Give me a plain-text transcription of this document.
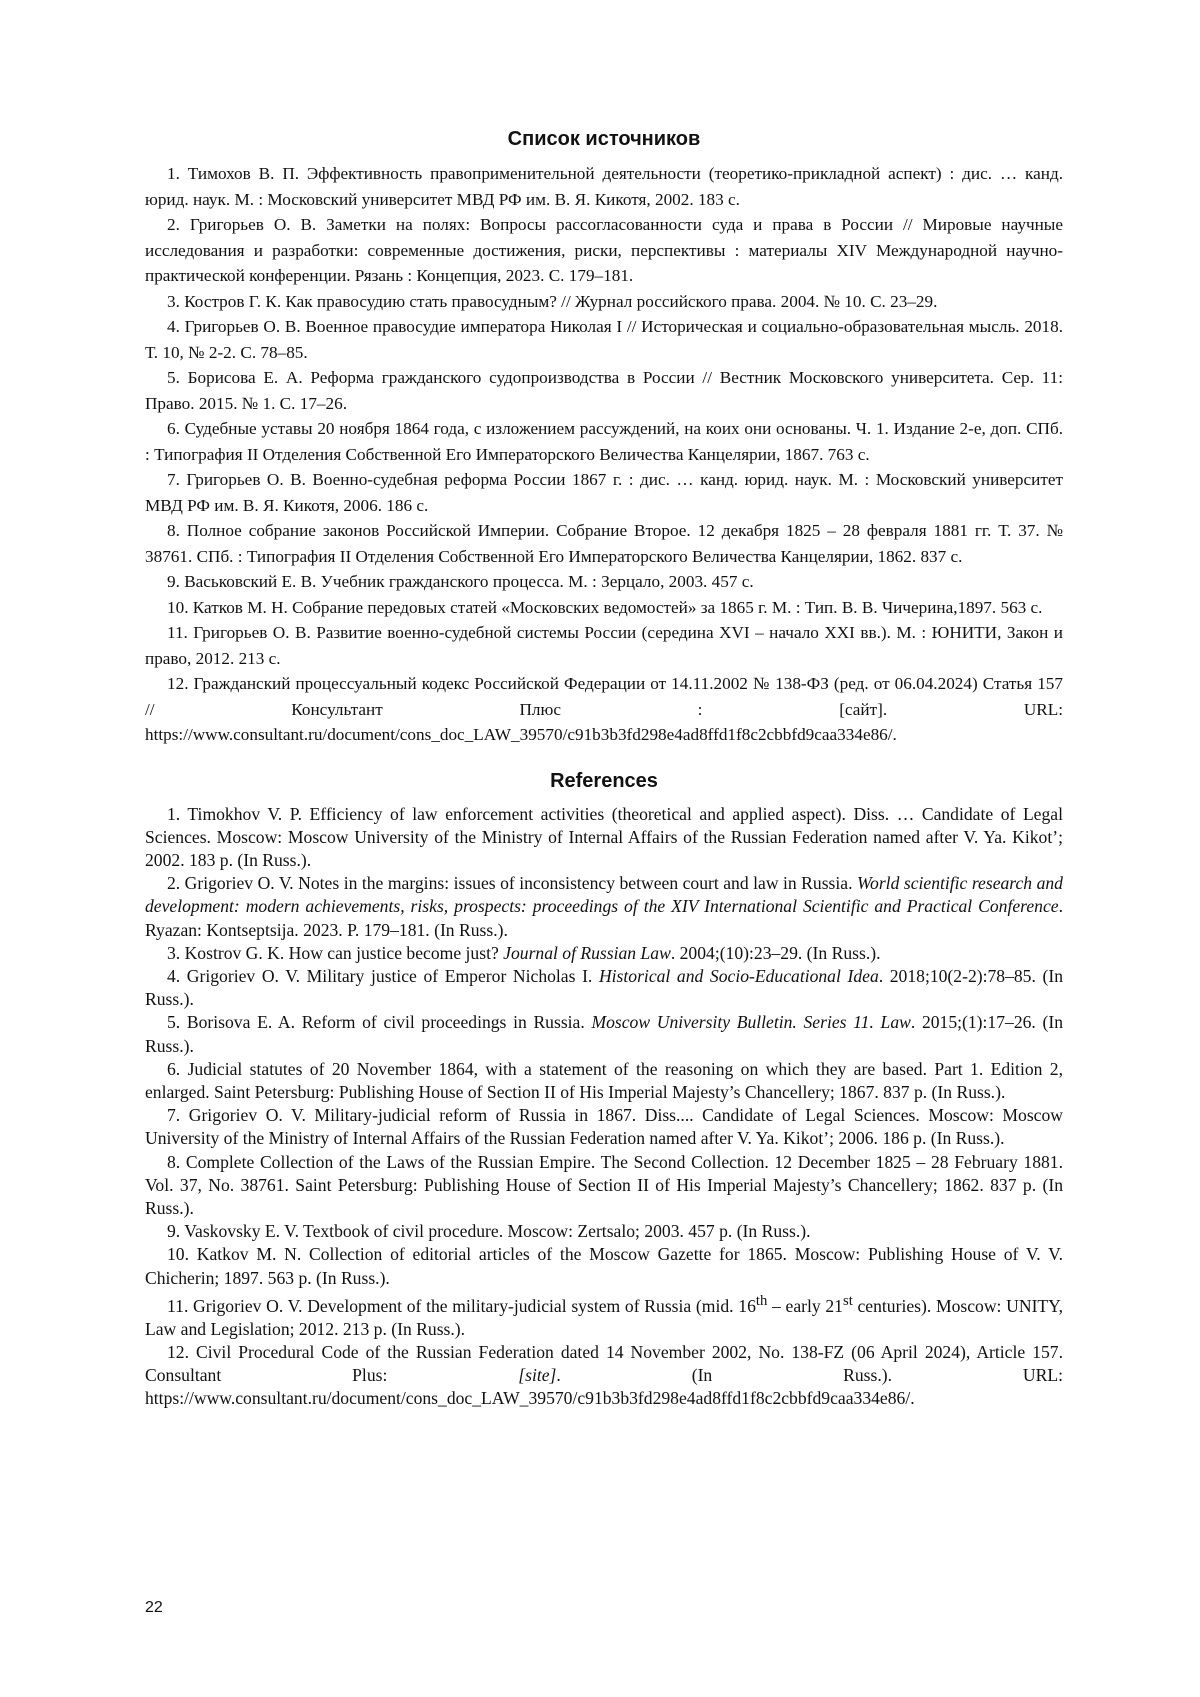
Список источников

1. Тимохов В. П. Эффективность правоприменительной деятельности (теоретико-прикладной аспект) : дис. … канд. юрид. наук. М. : Московский университет МВД РФ им. В. Я. Кикотя, 2002. 183 с.

2. Григорьев О. В. Заметки на полях: Вопросы рассогласованности суда и права в России // Мировые научные исследования и разработки: современные достижения, риски, перспективы : материалы XIV Международной научно-практической конференции. Рязань : Концепция, 2023. С. 179–181.

3. Костров Г. К. Как правосудию стать правосудным? // Журнал российского права. 2004. № 10. С. 23–29.

4. Григорьев О. В. Военное правосудие императора Николая I // Историческая и социально-образовательная мысль. 2018. Т. 10, № 2-2. С. 78–85.

5. Борисова Е. А. Реформа гражданского судопроизводства в России // Вестник Московского университета. Сер. 11: Право. 2015. № 1. С. 17–26.

6. Судебные уставы 20 ноября 1864 года, с изложением рассуждений, на коих они основаны. Ч. 1. Издание 2-е, доп. СПб. : Типография II Отделения Собственной Его Императорского Величества Канцелярии, 1867. 763 с.

7. Григорьев О. В. Военно-судебная реформа России 1867 г. : дис. … канд. юрид. наук. М. : Московский университет МВД РФ им. В. Я. Кикотя, 2006. 186 с.

8. Полное собрание законов Российской Империи. Собрание Второе. 12 декабря 1825 – 28 февраля 1881 гг. Т. 37. № 38761. СПб. : Типография II Отделения Собственной Его Императорского Величества Канцелярии, 1862. 837 с.

9. Васьковский Е. В. Учебник гражданского процесса. М. : Зерцало, 2003. 457 с.

10. Катков М. Н. Собрание передовых статей «Московских ведомостей» за 1865 г. М. : Тип. В. В. Чичерина,1897. 563 с.

11. Григорьев О. В. Развитие военно-судебной системы России (середина XVI – начало XXI вв.). М. : ЮНИТИ, Закон и право, 2012. 213 с.

12. Гражданский процессуальный кодекс Российской Федерации от 14.11.2002 № 138-ФЗ (ред. от 06.04.2024) Статья 157 // Консультант Плюс : [сайт]. URL: https://www.consultant.ru/document/cons_doc_LAW_39570/c91b3b3fd298e4ad8ffd1f8c2cbbfd9caa334e86/.

References

1. Timokhov V. P. Efficiency of law enforcement activities (theoretical and applied aspect). Diss. … Candidate of Legal Sciences. Moscow: Moscow University of the Ministry of Internal Affairs of the Russian Federation named after V. Ya. Kikot’; 2002. 183 p. (In Russ.).

2. Grigoriev O. V. Notes in the margins: issues of inconsistency between court and law in Russia. World scientific research and development: modern achievements, risks, prospects: proceedings of the XIV International Scientific and Practical Conference. Ryazan: Kontseptsija. 2023. P. 179–181. (In Russ.).

3. Kostrov G. K. How can justice become just? Journal of Russian Law. 2004;(10):23–29. (In Russ.).

4. Grigoriev O. V. Military justice of Emperor Nicholas I. Historical and Socio-Educational Idea. 2018;10(2-2):78–85. (In Russ.).

5. Borisova E. A. Reform of civil proceedings in Russia. Moscow University Bulletin. Series 11. Law. 2015;(1):17–26. (In Russ.).

6. Judicial statutes of 20 November 1864, with a statement of the reasoning on which they are based. Part 1. Edition 2, enlarged. Saint Petersburg: Publishing House of Section II of His Imperial Majesty’s Chancellery; 1867. 837 p. (In Russ.).

7. Grigoriev O. V. Military-judicial reform of Russia in 1867. Diss.... Candidate of Legal Sciences. Moscow: Moscow University of the Ministry of Internal Affairs of the Russian Federation named after V. Ya. Kikot’; 2006. 186 p. (In Russ.).

8. Complete Collection of the Laws of the Russian Empire. The Second Collection. 12 December 1825 – 28 February 1881. Vol. 37, No. 38761. Saint Petersburg: Publishing House of Section II of His Imperial Majesty’s Chancellery; 1862. 837 p. (In Russ.).

9. Vaskovsky E. V. Textbook of civil procedure. Moscow: Zertsalo; 2003. 457 p. (In Russ.).

10. Katkov M. N. Collection of editorial articles of the Moscow Gazette for 1865. Moscow: Publishing House of V. V. Chicherin; 1897. 563 p. (In Russ.).

11. Grigoriev O. V. Development of the military-judicial system of Russia (mid. 16th – early 21st centuries). Moscow: UNITY, Law and Legislation; 2012. 213 p. (In Russ.).

12. Civil Procedural Code of the Russian Federation dated 14 November 2002, No. 138-FZ (06 April 2024), Article 157. Consultant Plus: [site]. (In Russ.). URL: https://www.consultant.ru/document/cons_doc_LAW_39570/c91b3b3fd298e4ad8ffd1f8c2cbbfd9caa334e86/.

22
